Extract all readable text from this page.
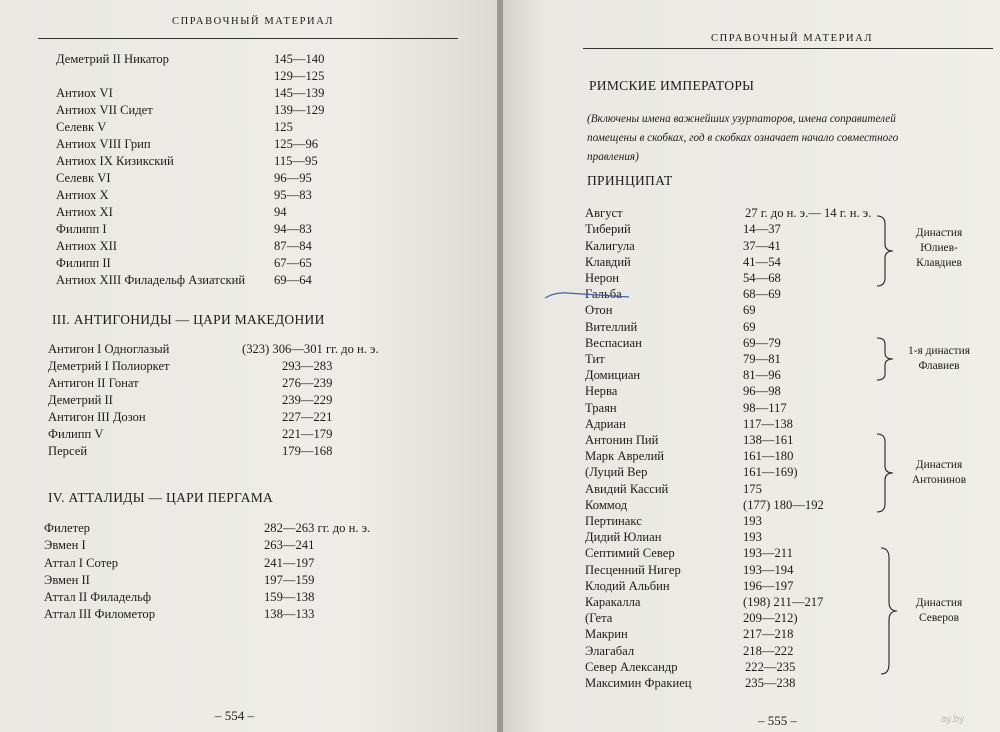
СПРАВОЧНЫЙ МАТЕРИАЛ
Деметрий II Никатор	145—140
129—125
Антиох VI	145—139
Антиох VII Сидет	139—129
Селевк V	125
Антиох VIII Грип	125—96
Антиох IX Кизикский	115—95
Селевк VI	96—95
Антиох X	95—83
Антиох XI	94
Филипп I	94—83
Антиох XII	87—84
Филипп II	67—65
Антиох XIII Филадельф Азиатский 69—64
III. АНТИГОНИДЫ — ЦАРИ МАКЕДОНИИ
Антигон I Одноглазый	(323) 306—301 гг. до н. э.
Деметрий I Полиоркет	293—283
Антигон II Гонат	276—239
Деметрий II	239—229
Антигон III Дозон	227—221
Филипп V	221—179
Персей	179—168
IV. АТТАЛИДЫ — ЦАРИ ПЕРГАМА
Филетер	282—263 гг. до н. э.
Эвмен I	263—241
Аттал I Сотер	241—197
Эвмен II	197—159
Аттал II Филадельф	159—138
Аттал III Филометор	138—133
– 554 –
СПРАВОЧНЫЙ МАТЕРИАЛ
РИМСКИЕ ИМПЕРАТОРЫ
(Включены имена важнейших узурпаторов, имена соправителей помещены в скобках, год в скобках означает начало совместного правления)
ПРИНЦИПАТ
Август	27 г. до н. э.— 14 г. н. э.
Тиберий	14—37
Калигула	37—41
Клавдий	41—54
Нерон	54—68
Гальба	68—69
Отон	69
Вителлий	69
Веспасиан	69—79
Тит	79—81
Домициан	81—96
Нерва	96—98
Траян	98—117
Адриан	117—138
Антонин Пий	138—161
Марк Аврелий	161—180
(Луций Вер	161—169)
Авидий Кассий	175
Коммод	(177) 180—192
Пертинакс	193
Дидий Юлиан	193
Септимий Север	193—211
Песценний Нигер	193—194
Клодий Альбин	196—197
Каракалла	(198) 211—217
(Гета	209—212)
Макрин	217—218
Элагабал	218—222
Север Александр	222—235
Максимин Фракиец	235—238
Династия
Юлиев-
Клавдиев
1-я династия
Флавиев
Династия
Антонинов
Династия
Северов
– 555 –	ay.by
